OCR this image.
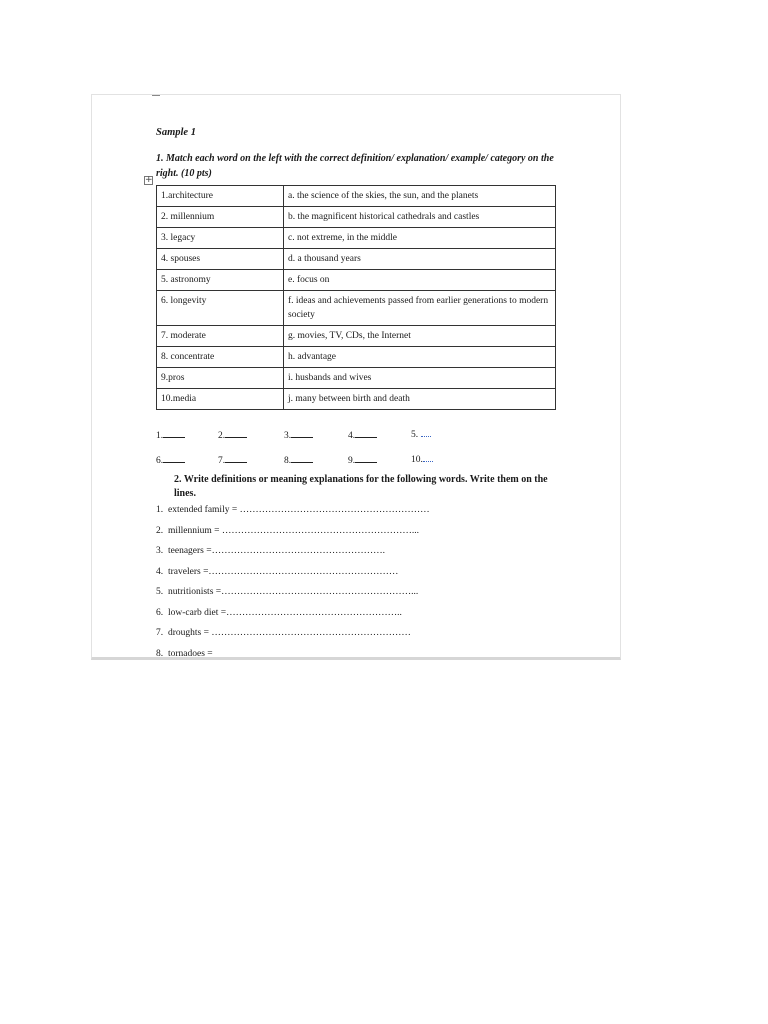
Sample 1
1. Match each word on the left with the correct definition/ explanation/ example/ category on the right. (10 pts)
+
1.architecture	a. the science of the skies, the sun, and the planets
2. millennium	b. the magnificent historical cathedrals and castles
3. legacy	c. not extreme, in the middle
4. spouses	d. a thousand years
5. astronomy	e. focus on
6. longevity	f. ideas and achievements passed from earlier generations to modern society
7. moderate	g. movies, TV, CDs, the Internet
8. concentrate	h. advantage
9.pros	i. husbands and wives
10.media	j. many between birth and death
1.	2.	3.	4.	5.
6.	7.	8.	9.	10.
2. Write definitions or meaning explanations for the following words. Write them on the lines.
1. extended family = ……………………………………………………
2. millennium = ……………………………………………………...
3. teenagers =……………………………………………….
4. travelers =……………………………………………………
5. nutritionists =……………………………………………………...
6. low-carb diet =………………………………………………..
7. droughts = ………………………………………………………
8. tornadoes =
